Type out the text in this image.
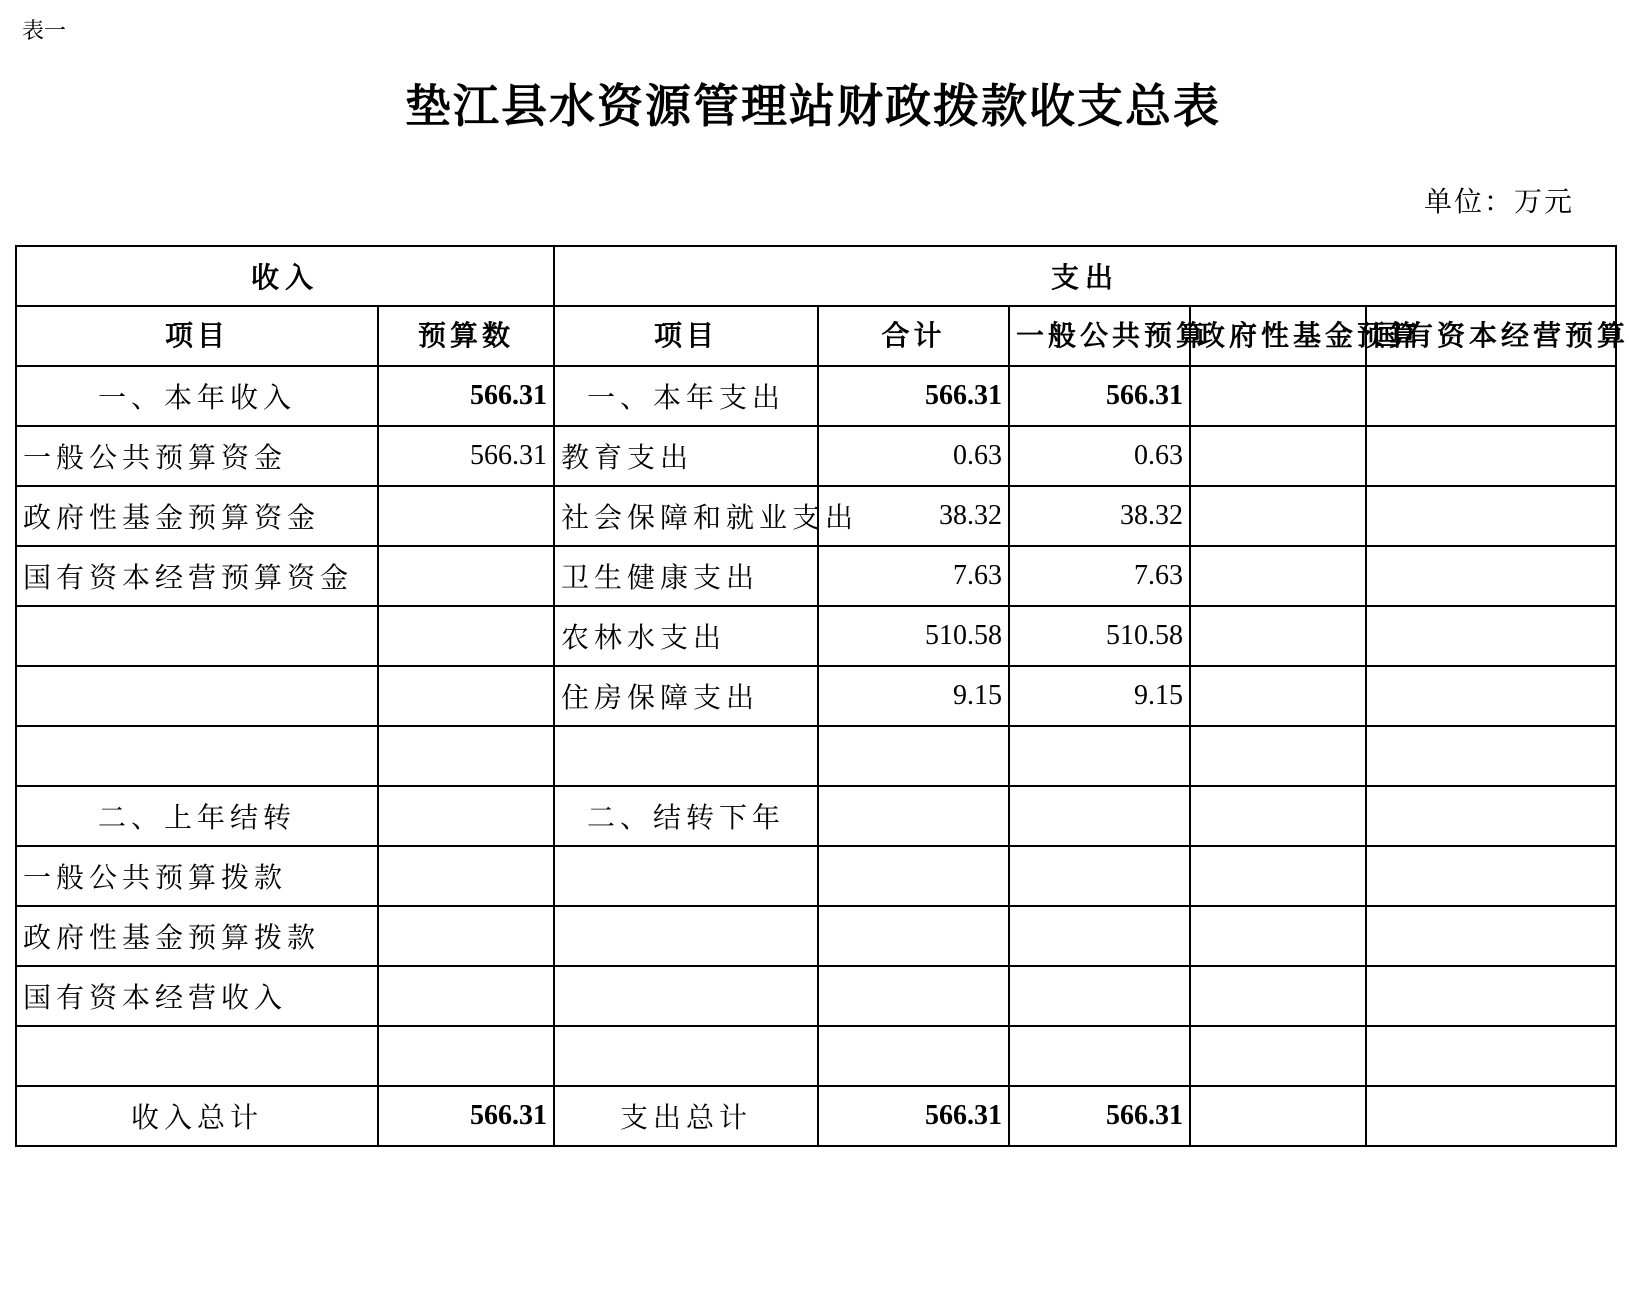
表一
垫江县水资源管理站财政拨款收支总表
单位：万元
收入		支出				
项目	预算数	项目	合计	一般公共预算	政府性基金预算	国有资本经营预算
一、本年收入	566.31	一、本年支出	566.31	566.31		
一般公共预算资金	566.31	教育支出	0.63	0.63		
政府性基金预算资金		社会保障和就业支出	38.32	38.32		
国有资本经营预算资金		卫生健康支出	7.63	7.63		
		农林水支出	510.58	510.58		
		住房保障支出	9.15	9.15		

二、上年结转		二、结转下年				
一般公共预算拨款						
政府性基金预算拨款						
国有资本经营收入						

收入总计	566.31	支出总计	566.31	566.31		
